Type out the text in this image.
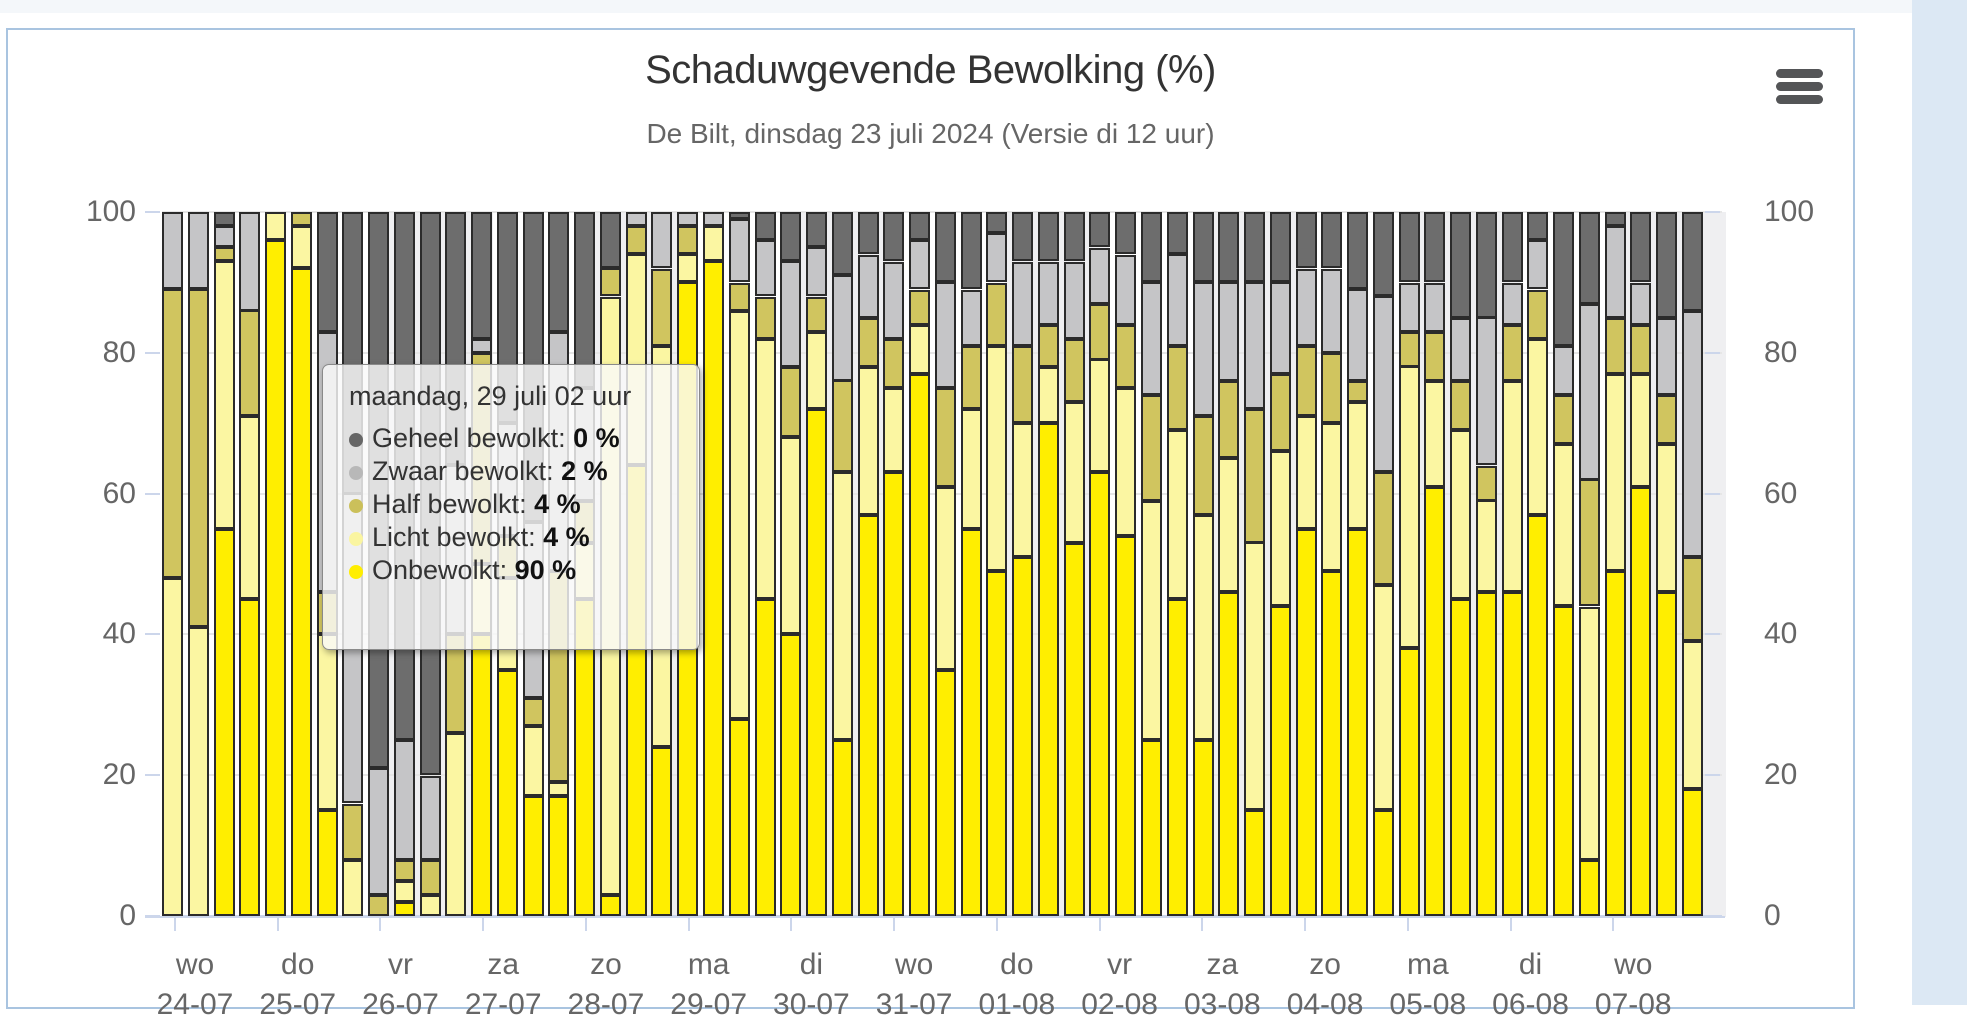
Schaduwgevende Bewolking (%)
De Bilt, dinsdag 23 juli 2024 (Versie di 12 uur)
0	0
20	20
40	40
60	60
80	80
100	100
wo
24-07
do
25-07
vr
26-07
za
27-07
zo
28-07
ma
29-07
di
30-07
wo
31-07
do
01-08
vr
02-08
za
03-08
zo
04-08
ma
05-08
di
06-08
wo
07-08
maandag, 29 juli 02 uur
Geheel bewolkt: 0 %
Zwaar bewolkt: 2 %
Half bewolkt: 4 %
Licht bewolkt: 4 %
Onbewolkt: 90 %
